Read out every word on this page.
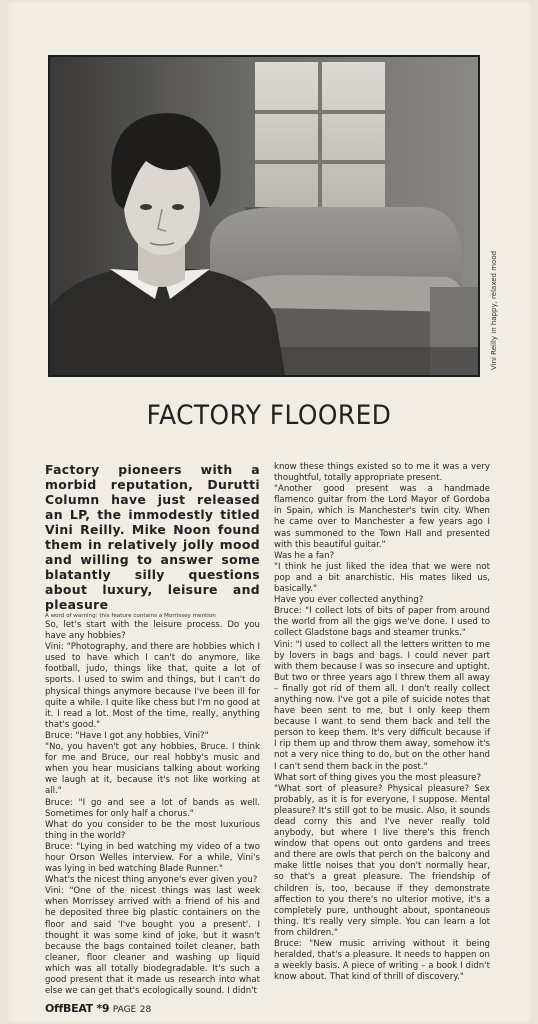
Vini Reilly in happy, relaxed mood
FACTORY FLOORED

Factory pioneers with a morbid reputation, Durutti Column have just released an LP, the immodestly titled Vini Reilly. Mike Noon found them in relatively jolly mood and willing to answer some blatantly silly questions about luxury, leisure and pleasure

A word of warning: this feature contains a Morrissey mention

So, let's start with the leisure process. Do you have any hobbies?

Vini: "Photography, and there are hobbies which I used to have which I can't do anymore, like football, judo, things like that, quite a lot of sports. I used to swim and things, but I can't do physical things anymore because I've been ill for quite a while. I quite like chess but I'm no good at it. I read a lot. Most of the time, really, anything that's good."

Bruce: "Have I got any hobbies, Vini?"

"No, you haven't got any hobbies, Bruce. I think for me and Bruce, our real hobby's music and when you hear musicians talking about working we laugh at it, because it's not like working at all."

Bruce: "I go and see a lot of bands as well. Sometimes for only half a chorus."

What do you consider to be the most luxurious thing in the world?

Bruce: "Lying in bed watching my video of a two hour Orson Welles interview. For a while, Vini's was lying in bed watching Blade Runner."

What's the nicest thing anyone's ever given you?

Vini: "One of the nicest things was last week when Morrissey arrived with a friend of his and he deposited three big plastic containers on the floor and said 'I've bought you a present'. I thought it was some kind of joke, but it wasn't because the bags contained toilet cleaner, bath cleaner, floor cleaner and washing up liquid which was all totally biodegradable. It's such a good present that it made us research into what else we can get that's ecologically sound. I didn't

know these things existed so to me it was a very thoughtful, totally appropriate present.

"Another good present was a handmade flamenco guitar from the Lord Mayor of Gordoba in Spain, which is Manchester's twin city. When he came over to Manchester a few years ago I was summoned to the Town Hall and presented with this beautiful guitar."

Was he a fan?

"I think he just liked the idea that we were not pop and a bit anarchistic. His mates liked us, basically."

Have you ever collected anything?

Bruce: "I collect lots of bits of paper from around the world from all the gigs we've done. I used to collect Gladstone bags and steamer trunks."

Vini: "I used to collect all the letters written to me by lovers in bags and bags. I could never part with them because I was so insecure and uptight. But two or three years ago I threw them all away – finally got rid of them all. I don't really collect anything now. I've got a pile of suicide notes that have been sent to me, but I only keep them because I want to send them back and tell the person to keep them. It's very difficult because if I rip them up and throw them away, somehow it's not a very nice thing to do, but on the other hand I can't send them back in the post."

What sort of thing gives you the most pleasure?

"What sort of pleasure? Physical pleasure? Sex probably, as it is for everyone, I suppose. Mental pleasure? It's still got to be music. Also, it sounds dead corny this and I've never really told anybody, but where I live there's this french window that opens out onto gardens and trees and there are owls that perch on the balcony and make little noises that you don't normally hear, so that's a great pleasure. The friendship of children is, too, because if they demonstrate affection to you there's no ulterior motive, it's a completely pure, unthought about, spontaneous thing. It's really very simple. You can learn a lot from children."

Bruce: "New music arriving without it being heralded, that's a pleasure. It needs to happen on a weekly basis. A piece of writing – a book I didn't know about. That kind of thrill of discovery."

OffBEAT *9 PAGE 28
